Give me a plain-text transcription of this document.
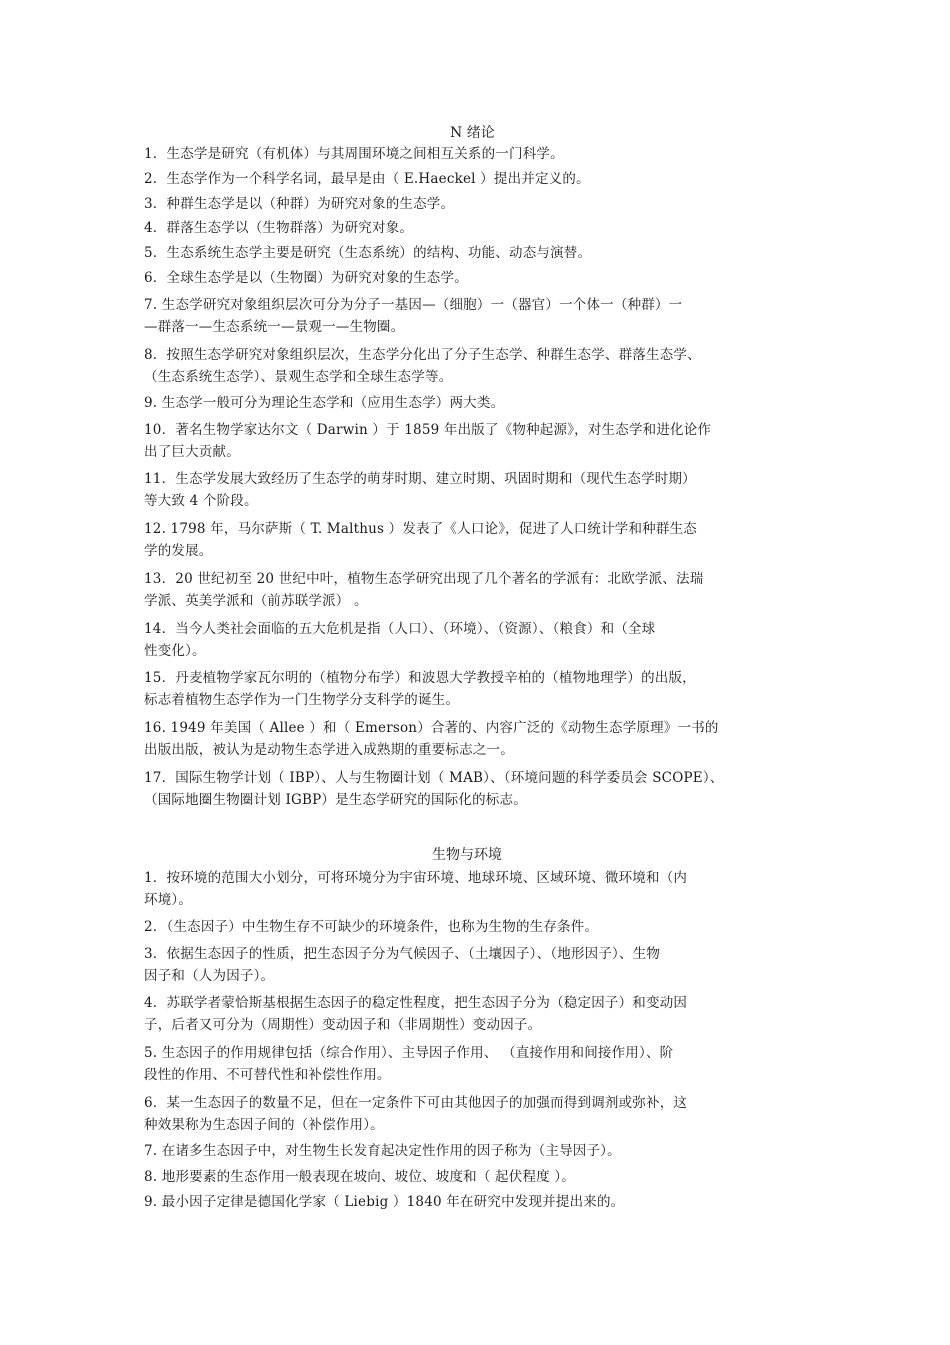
N 绪论
1．生态学是研究（有机体）与其周围环境之间相互关系的一门科学。
2．生态学作为一个科学名词，最早是由（ E.Haeckel ）提出并定义的。
3．种群生态学是以（种群）为研究对象的生态学。
4．群落生态学以（生物群落）为研究对象。
5．生态系统生态学主要是研究（生态系统）的结构、功能、动态与演替。
6．全球生态学是以（生物圈）为研究对象的生态学。
7. 生态学研究对象组织层次可分为分子一基因—（细胞）一（器官）一个体一（种群）一
—群落一—生态系统一—景观一—生物圈。
8．按照生态学研究对象组织层次，生态学分化出了分子生态学、种群生态学、群落生态学、
（生态系统生态学）、景观生态学和全球生态学等。
9. 生态学一般可分为理论生态学和（应用生态学）两大类。
10．著名生物学家达尔文（ Darwin ）于 1859 年出版了《物种起源》，对生态学和进化论作
出了巨大贡献。
11．生态学发展大致经历了生态学的萌芽时期、建立时期、巩固时期和（现代生态学时期）
等大致 4 个阶段。
12. 1798 年，马尔萨斯（ T. Malthus ）发表了《人口论》，促进了人口统计学和种群生态
学的发展。
13．20 世纪初至 20 世纪中叶，植物生态学研究出现了几个著名的学派有：北欧学派、法瑞
学派、英美学派和（前苏联学派） 。
14．当今人类社会面临的五大危机是指（人口）、（环境）、（资源）、（粮食）和（全球
性变化）。
15．丹麦植物学家瓦尔明的（植物分布学）和波恩大学教授辛柏的（植物地理学）的出版，
标志着植物生态学作为一门生物学分支科学的诞生。
16. 1949 年美国（ Allee ）和（ Emerson）合著的、内容广泛的《动物生态学原理》一书的
出版出版，被认为是动物生态学进入成熟期的重要标志之一。
17．国际生物学计划（ IBP）、人与生物圈计划（ MAB）、（环境问题的科学委员会 SCOPE）、
（国际地圈生物圈计划 IGBP）是生态学研究的国际化的标志。
生物与环境
1．按环境的范围大小划分，可将环境分为宇宙环境、地球环境、区域环境、微环境和（内
环境）。
2．（生态因子）中生物生存不可缺少的环境条件，也称为生物的生存条件。
3．依据生态因子的性质，把生态因子分为气候因子、（土壤因子）、（地形因子）、生物
因子和（人为因子）。
4．苏联学者蒙恰斯基根据生态因子的稳定性程度，把生态因子分为（稳定因子）和变动因
子，后者又可分为（周期性）变动因子和（非周期性）变动因子。
5. 生态因子的作用规律包括（综合作用）、主导因子作用、 （直接作用和间接作用）、阶
段性的作用、不可替代性和补偿性作用。
6．某一生态因子的数量不足，但在一定条件下可由其他因子的加强而得到调剂或弥补，这
种效果称为生态因子间的（补偿作用）。
7. 在诸多生态因子中，对生物生长发育起决定性作用的因子称为（主导因子）。
8. 地形要素的生态作用一般表现在坡向、坡位、坡度和（ 起伏程度 ）。
9. 最小因子定律是德国化学家（ Liebig ）1840 年在研究中发现并提出来的。
